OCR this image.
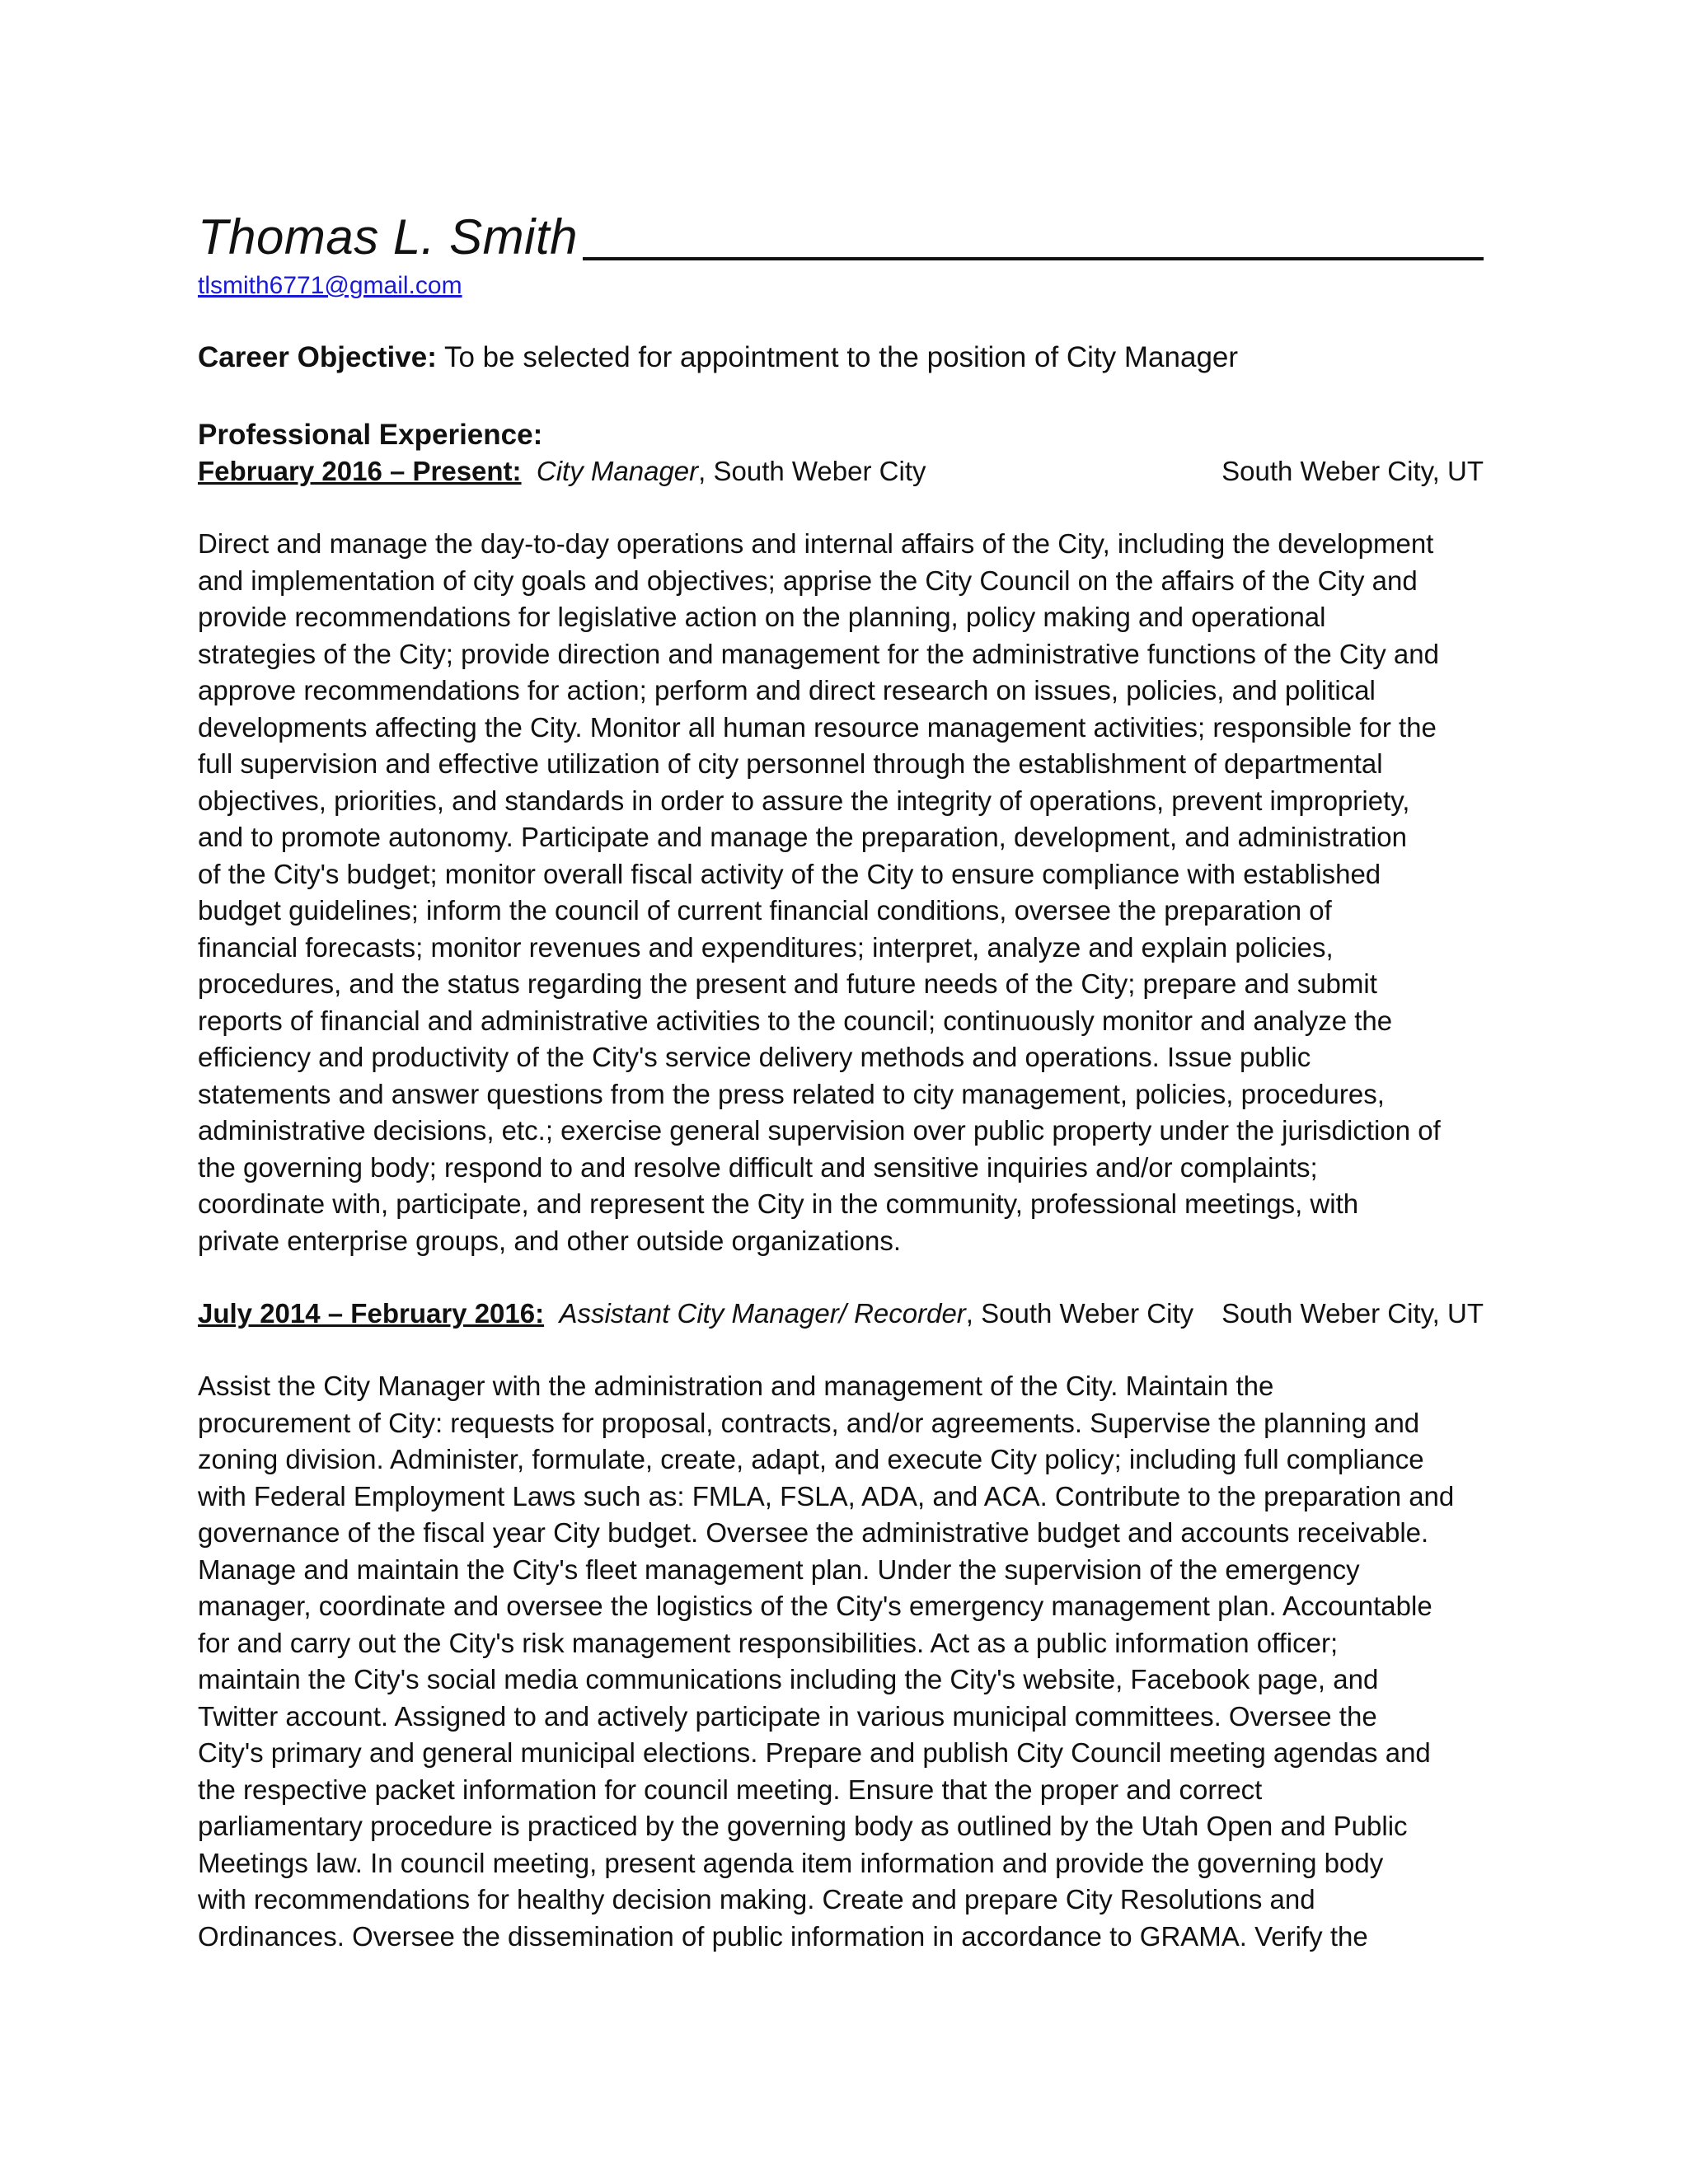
Thomas L. Smith
tlsmith6771@gmail.com
Career Objective: To be selected for appointment to the position of City Manager
Professional Experience:
February 2016 – Present: City Manager, South Weber City	South Weber City, UT
Direct and manage the day-to-day operations and internal affairs of the City, including the development
and implementation of city goals and objectives; apprise the City Council on the affairs of the City and
provide recommendations for legislative action on the planning, policy making and operational
strategies of the City; provide direction and management for the administrative functions of the City and
approve recommendations for action; perform and direct research on issues, policies, and political
developments affecting the City. Monitor all human resource management activities; responsible for the
full supervision and effective utilization of city personnel through the establishment of departmental
objectives, priorities, and standards in order to assure the integrity of operations, prevent impropriety,
and to promote autonomy. Participate and manage the preparation, development, and administration
of the City's budget; monitor overall fiscal activity of the City to ensure compliance with established
budget guidelines; inform the council of current financial conditions, oversee the preparation of
financial forecasts; monitor revenues and expenditures; interpret, analyze and explain policies,
procedures, and the status regarding the present and future needs of the City; prepare and submit
reports of financial and administrative activities to the council; continuously monitor and analyze the
efficiency and productivity of the City's service delivery methods and operations. Issue public
statements and answer questions from the press related to city management, policies, procedures,
administrative decisions, etc.; exercise general supervision over public property under the jurisdiction of
the governing body; respond to and resolve difficult and sensitive inquiries and/or complaints;
coordinate with, participate, and represent the City in the community, professional meetings, with
private enterprise groups, and other outside organizations.
July 2014 – February 2016: Assistant City Manager/ Recorder, South Weber City South Weber City, UT
Assist the City Manager with the administration and management of the City. Maintain the
procurement of City: requests for proposal, contracts, and/or agreements. Supervise the planning and
zoning division. Administer, formulate, create, adapt, and execute City policy; including full compliance
with Federal Employment Laws such as: FMLA, FSLA, ADA, and ACA. Contribute to the preparation and
governance of the fiscal year City budget. Oversee the administrative budget and accounts receivable.
Manage and maintain the City's fleet management plan. Under the supervision of the emergency
manager, coordinate and oversee the logistics of the City's emergency management plan. Accountable
for and carry out the City's risk management responsibilities. Act as a public information officer;
maintain the City's social media communications including the City's website, Facebook page, and
Twitter account. Assigned to and actively participate in various municipal committees. Oversee the
City's primary and general municipal elections. Prepare and publish City Council meeting agendas and
the respective packet information for council meeting. Ensure that the proper and correct
parliamentary procedure is practiced by the governing body as outlined by the Utah Open and Public
Meetings law. In council meeting, present agenda item information and provide the governing body
with recommendations for healthy decision making. Create and prepare City Resolutions and
Ordinances. Oversee the dissemination of public information in accordance to GRAMA. Verify the
